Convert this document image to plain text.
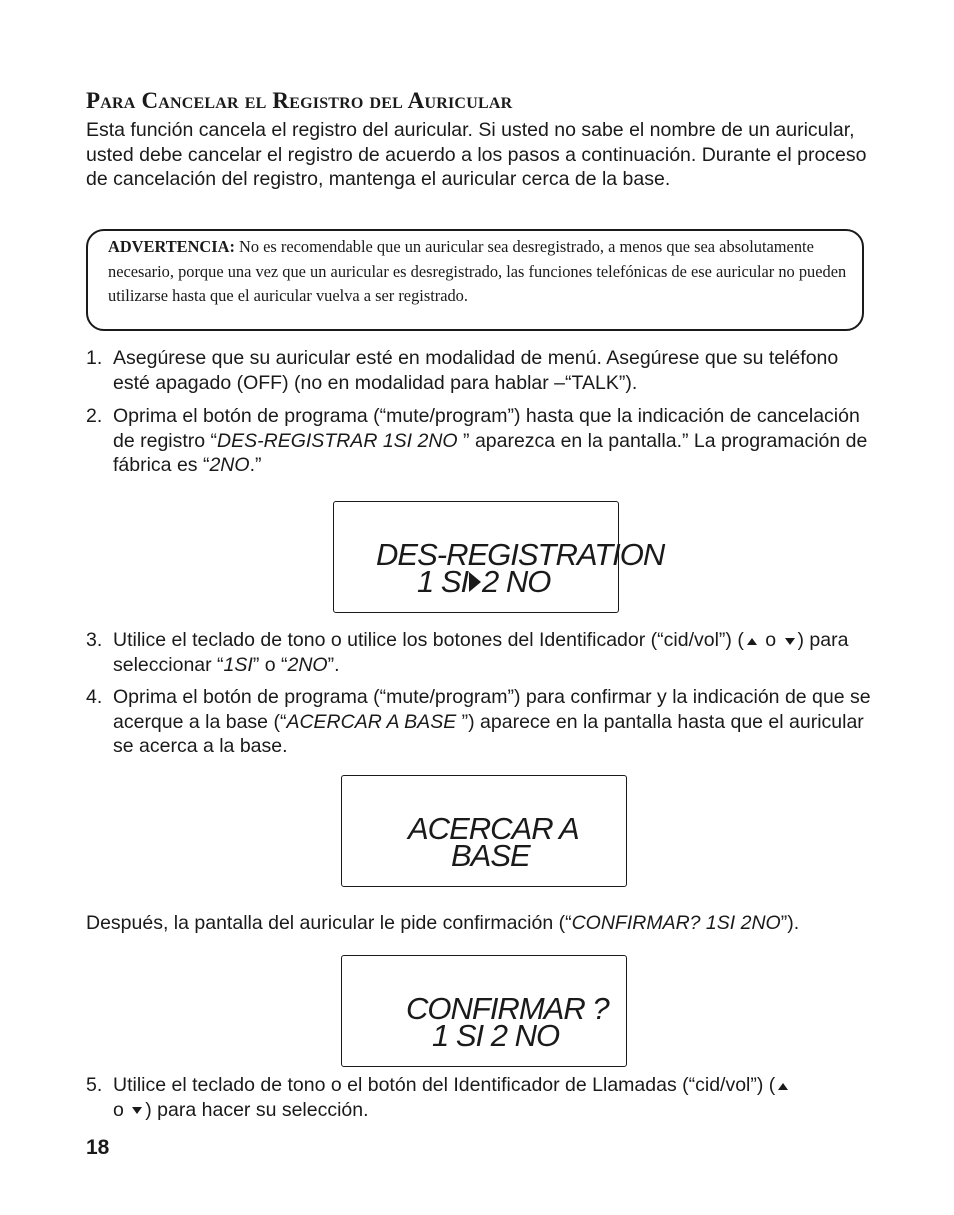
Para Cancelar el Registro del Auricular
Esta función cancela el registro del auricular. Si usted no sabe el nombre de un auricular, usted debe cancelar el registro de acuerdo a los pasos a continuación. Durante el proceso de cancelación del registro, mantenga el auricular cerca de la base.
ADVERTENCIA: No es recomendable que un auricular sea desregistrado, a menos que sea absolutamente necesario, porque una vez que un auricular es desregistrado, las funciones telefónicas de ese auricular no pueden utilizarse hasta que el auricular vuelva a ser registrado.
1. Asegúrese que su auricular esté en modalidad de menú. Asegúrese que su teléfono esté apagado (OFF) (no en modalidad para hablar –“TALK”).
2. Oprima el botón de programa (“mute/program”) hasta que la indicación de cancelación de registro “DES-REGISTRAR 1SI 2NO ” aparezca en la pantalla.” La programación de fábrica es “2NO.”
DES-REGISTRATION
1 SI 2 NO
3. Utilice el teclado de tono o utilice los botones del Identificador (“cid/vol”) ( o ) para seleccionar “1SI” o “2NO”.
4. Oprima el botón de programa (“mute/program”) para confirmar y la indicación de que se acerque a la base (“ACERCAR A BASE ”) aparece en la pantalla hasta que el auricular se acerca a la base.
ACERCAR A
BASE
Después, la pantalla del auricular le pide confirmación (“CONFIRMAR? 1SI 2NO”).
CONFIRMAR ?
1 SI 2 NO
5. Utilice el teclado de tono o el botón del Identificador de Llamadas (“cid/vol”) (
o ) para hacer su selección.
18
